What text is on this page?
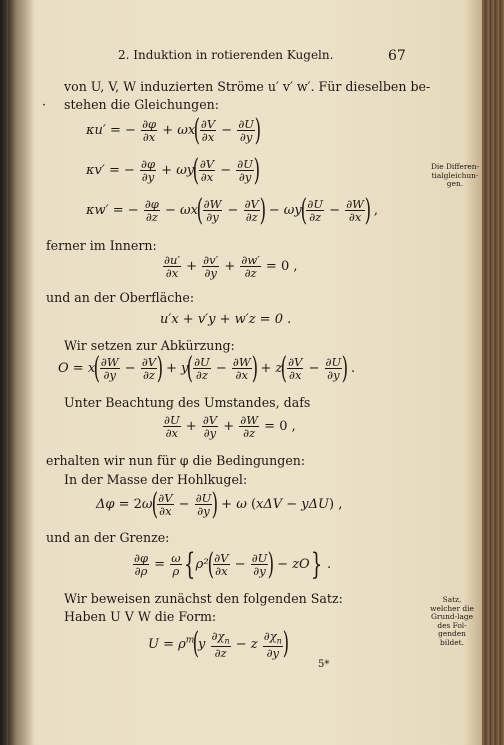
2. Induktion in rotierenden Kugeln.	67
von U, V, W induzierten Ströme u′ v′ w′. Für dieselben be-
· stehen die Gleichungen:
κu′ = − $\frac{\partial\varphi}{\partial x} + \omega x( \frac{\partial V}{\partial x} - \frac{\partial U}{\partial y}$ )
κv′ = − $\frac{\partial\varphi}{\partial y} + \omega y( \frac{\partial V}{\partial x} - \frac{\partial U}{\partial y}$ )	Die Differen-tialgleichun-gen.
κw′ = − $\frac{\partial\varphi}{\partial z} - \omega x( \frac{\partial W}{\partial y} - \frac{\partial V}{\partial z}$ ) − $\omega y( \frac{\partial U}{\partial z} - \frac{\partial W}{\partial x}$ ) ,
ferner im Innern:
$\frac{\partial u'}{\partial x} + \frac{\partial v'}{\partial y} + \frac{\partial w'}{\partial z} = 0$ ,
und an der Oberfläche:
u′x + v′y + w′z = 0 .
Wir setzen zur Abkürzung:
$O = x( \frac{\partial W}{\partial y} - \frac{\partial V}{\partial z}$ ) + $y( \frac{\partial U}{\partial z} - \frac{\partial W}{\partial x}$ ) + $z( \frac{\partial V}{\partial x} - \frac{\partial U}{\partial y}$ ) .
Unter Beachtung des Umstandes, dafs
$\frac{\partial U}{\partial x} + \frac{\partial V}{\partial y} + \frac{\partial W}{\partial z} = 0$ ,
erhalten wir nun für φ die Bedingungen:
In der Masse der Hohlkugel:
$\Delta\varphi = 2\omega( \frac{\partial V}{\partial x} - \frac{\partial U}{\partial y}$ ) + ω (xΔV − yΔU) ,
und an der Grenze:
$\frac{\partial\varphi}{\partial\rho} = \frac{\omega}{\rho} \{\rho^2( \frac{\partial V}{\partial x} - \frac{\partial U}{\partial y}$ ) − zO} .
Wir beweisen zunächst den folgenden Satz:
Haben U V W die Form:
Satz, welcher die Grund-lage des Fol-genden bildet.
$U = \rho^m(y \frac{\partial\chi_n}{\partial z} - z \frac{\partial\chi_n}{\partial y}$ )
5*
